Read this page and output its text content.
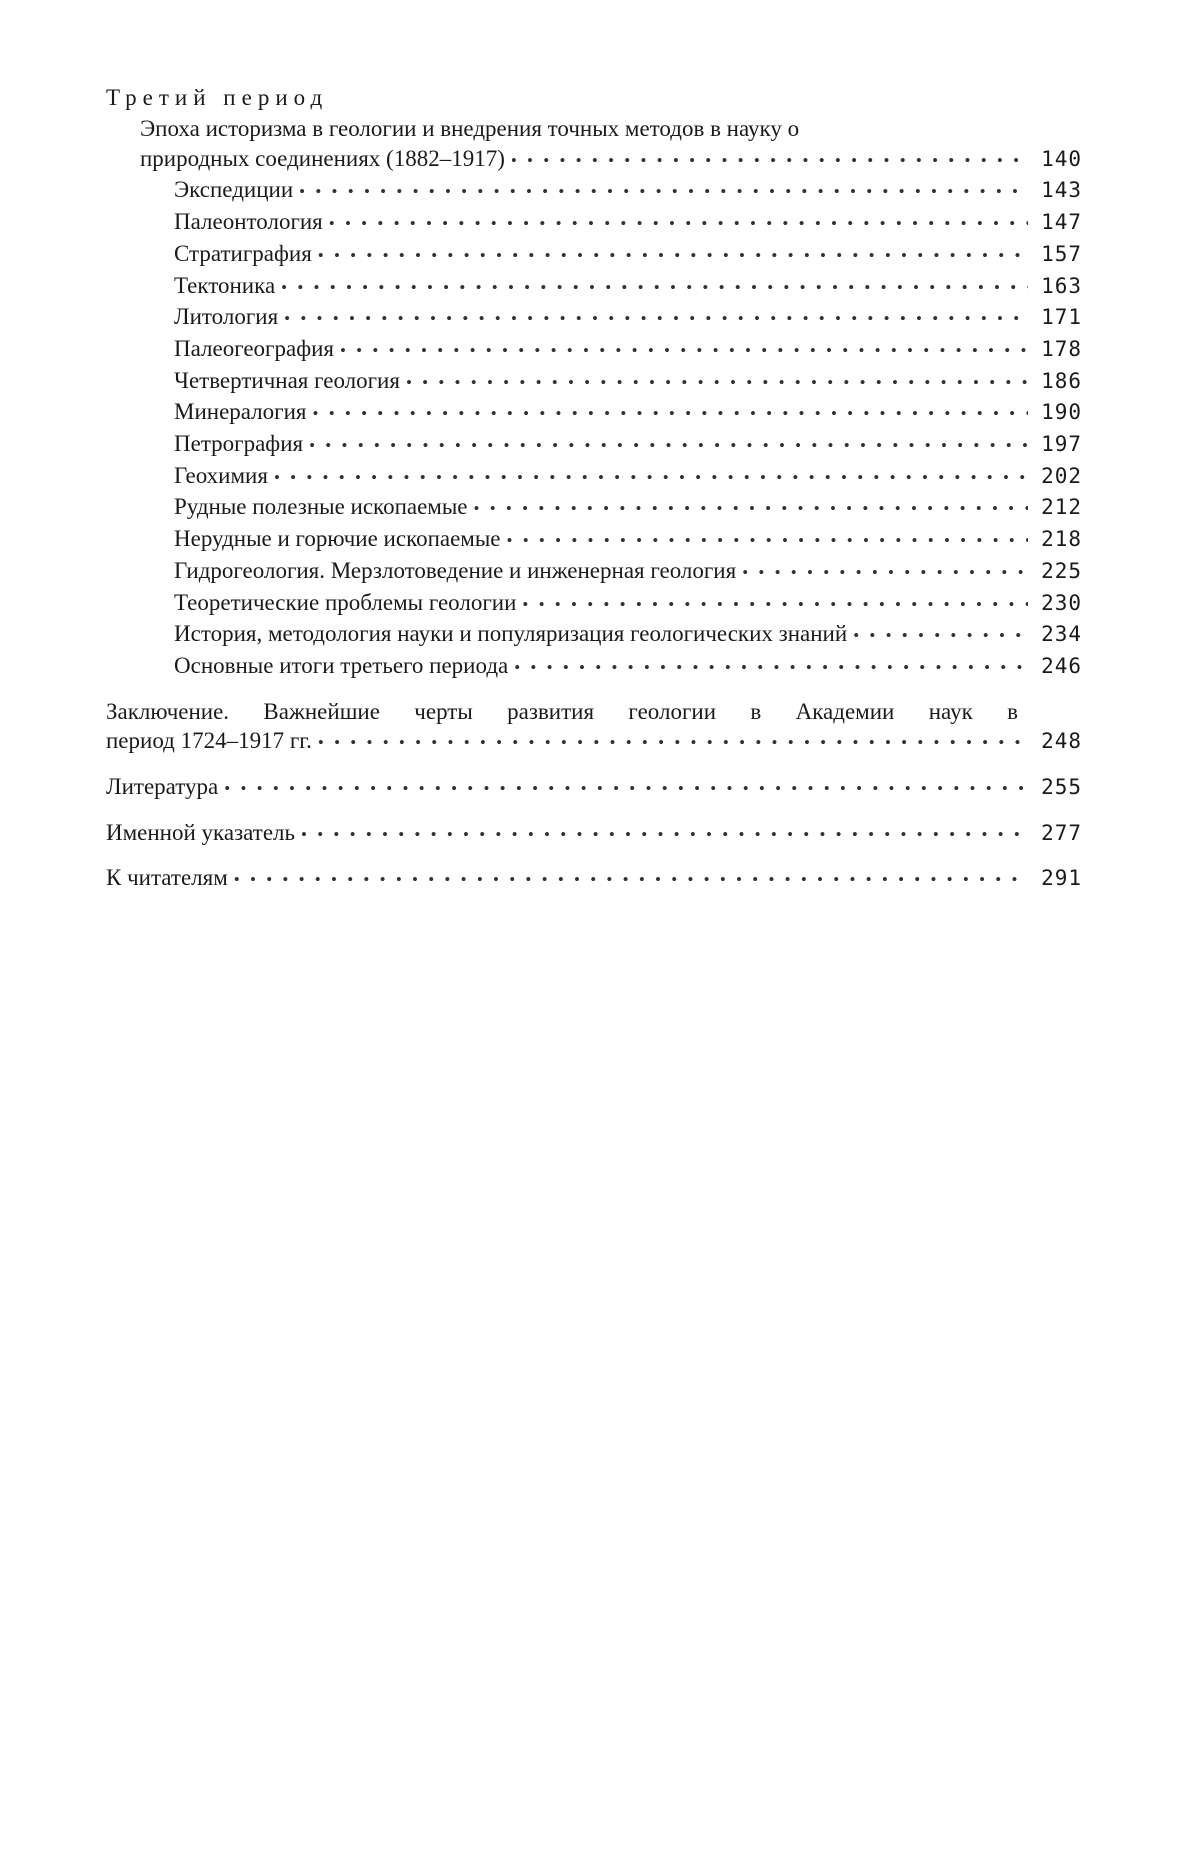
Третий период
Эпоха историзма в геологии и внедрения точных методов в науку о
природных соединениях (1882–1917) • • •	140
Экспедиции • • •	143
Палеонтология • • •	147
Стратиграфия • • •	157
Тектоника • • •	163
Литология • • •	171
Палеогеография • • •	178
Четвертичная геология • • •	186
Минералогия • • •	190
Петрография • • •	197
Геохимия • • •	202
Рудные полезные ископаемые • • •	212
Нерудные и горючие ископаемые • • •	218
Гидрогеология. Мерзлотоведение и инженерная геология • • •	225
Теоретические проблемы геологии • • •	230
История, методология науки и популяризация геологических знаний • • •	234
Основные итоги третьего периода • • •	246
Заключение. Важнейшие черты развития геологии в Академии наук в
период 1724–1917 гг. • • •	248
Литература • • •	255
Именной указатель • • •	277
К читателям • • •	291
